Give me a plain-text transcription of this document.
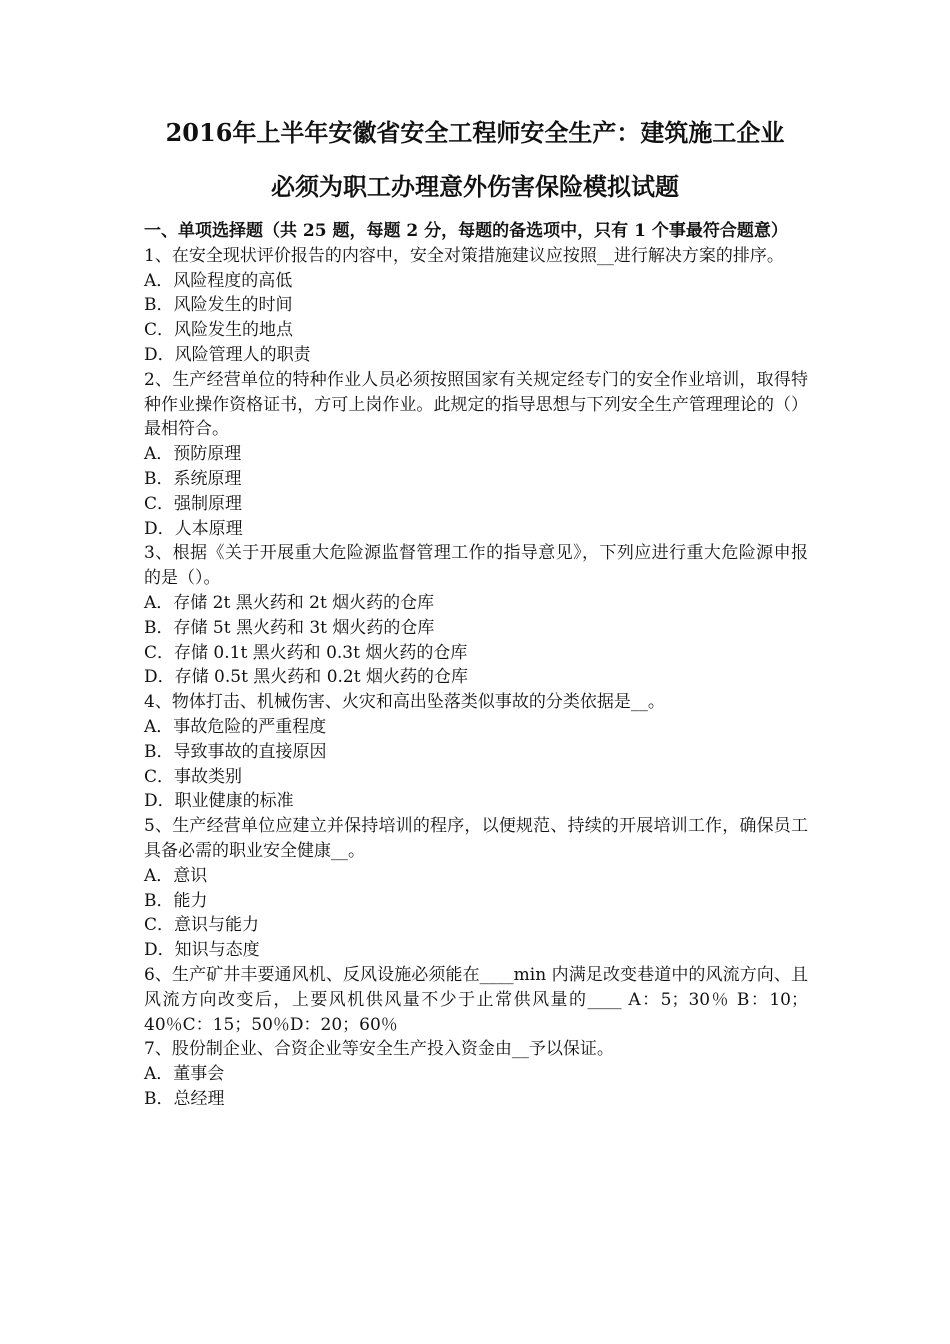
2016年上半年安徽省安全工程师安全生产：建筑施工企业
必须为职工办理意外伤害保险模拟试题

一、单项选择题（共 25 题，每题 2 分，每题的备选项中，只有 1 个事最符合题意）

1、在安全现状评价报告的内容中，安全对策措施建议应按照__进行解决方案的排序。

A．风险程度的高低

B．风险发生的时间

C．风险发生的地点

D．风险管理人的职责

2、生产经营单位的特种作业人员必须按照国家有关规定经专门的安全作业培训，取得特种作业操作资格证书，方可上岗作业。此规定的指导思想与下列安全生产管理理论的（）最相符合。

A．预防原理

B．系统原理

C．强制原理

D．人本原理

3、根据《关于开展重大危险源监督管理工作的指导意见》，下列应进行重大危险源申报的是（）。

A．存储 2t 黑火药和 2t 烟火药的仓库

B．存储 5t 黑火药和 3t 烟火药的仓库

C．存储 0.1t 黑火药和 0.3t 烟火药的仓库

D．存储 0.5t 黑火药和 0.2t 烟火药的仓库

4、物体打击、机械伤害、火灾和高出坠落类似事故的分类依据是__。

A．事故危险的严重程度

B．导致事故的直接原因

C．事故类别

D．职业健康的标准

5、生产经营单位应建立并保持培训的程序，以便规范、持续的开展培训工作，确保员工具备必需的职业安全健康__。

A．意识

B．能力

C．意识与能力

D．知识与态度

6、生产矿井丰要通风机、反风设施必须能在____min 内满足改变巷道中的风流方向、且风流方向改变后，上要风机供风量不少于止常供风量的____ A：5；30％ B：10；40％C：15；50％D：20；60％

7、股份制企业、合资企业等安全生产投入资金由__予以保证。

A．董事会

B．总经理
